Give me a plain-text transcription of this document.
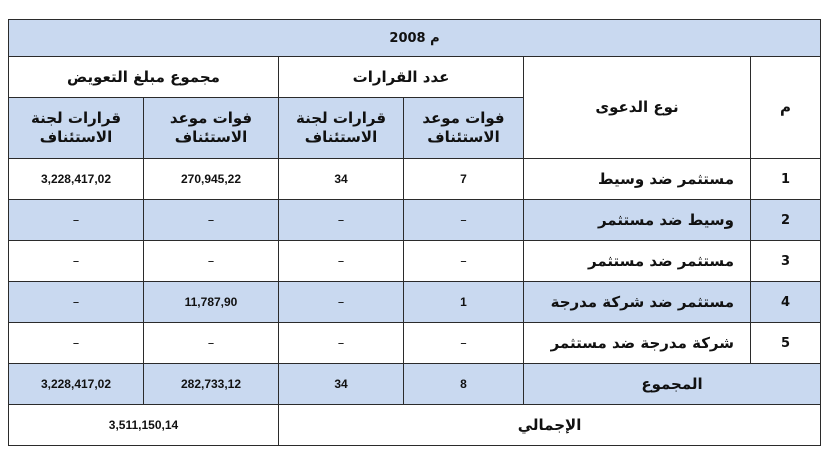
2008 م					
مجموع مبلغ التعويض		عدد القرارات		نوع الدعوى	م
قرارات لجنة الاستئناف	فوات موعد الاستئناف	قرارات لجنة الاستئناف	فوات موعد الاستئناف		
3,228,417,02	270,945,22	34	7	مستثمر ضد وسيط	1
–	–	–	–	وسيط ضد مستثمر	2
–	–	–	–	مستثمر ضد مستثمر	3
–	11,787,90	–	1	مستثمر ضد شركة مدرجة	4
–	–	–	–	شركة مدرجة ضد مستثمر	5
3,228,417,02	282,733,12	34	8	المجموع	
3,511,150,14		الإجمالي			
